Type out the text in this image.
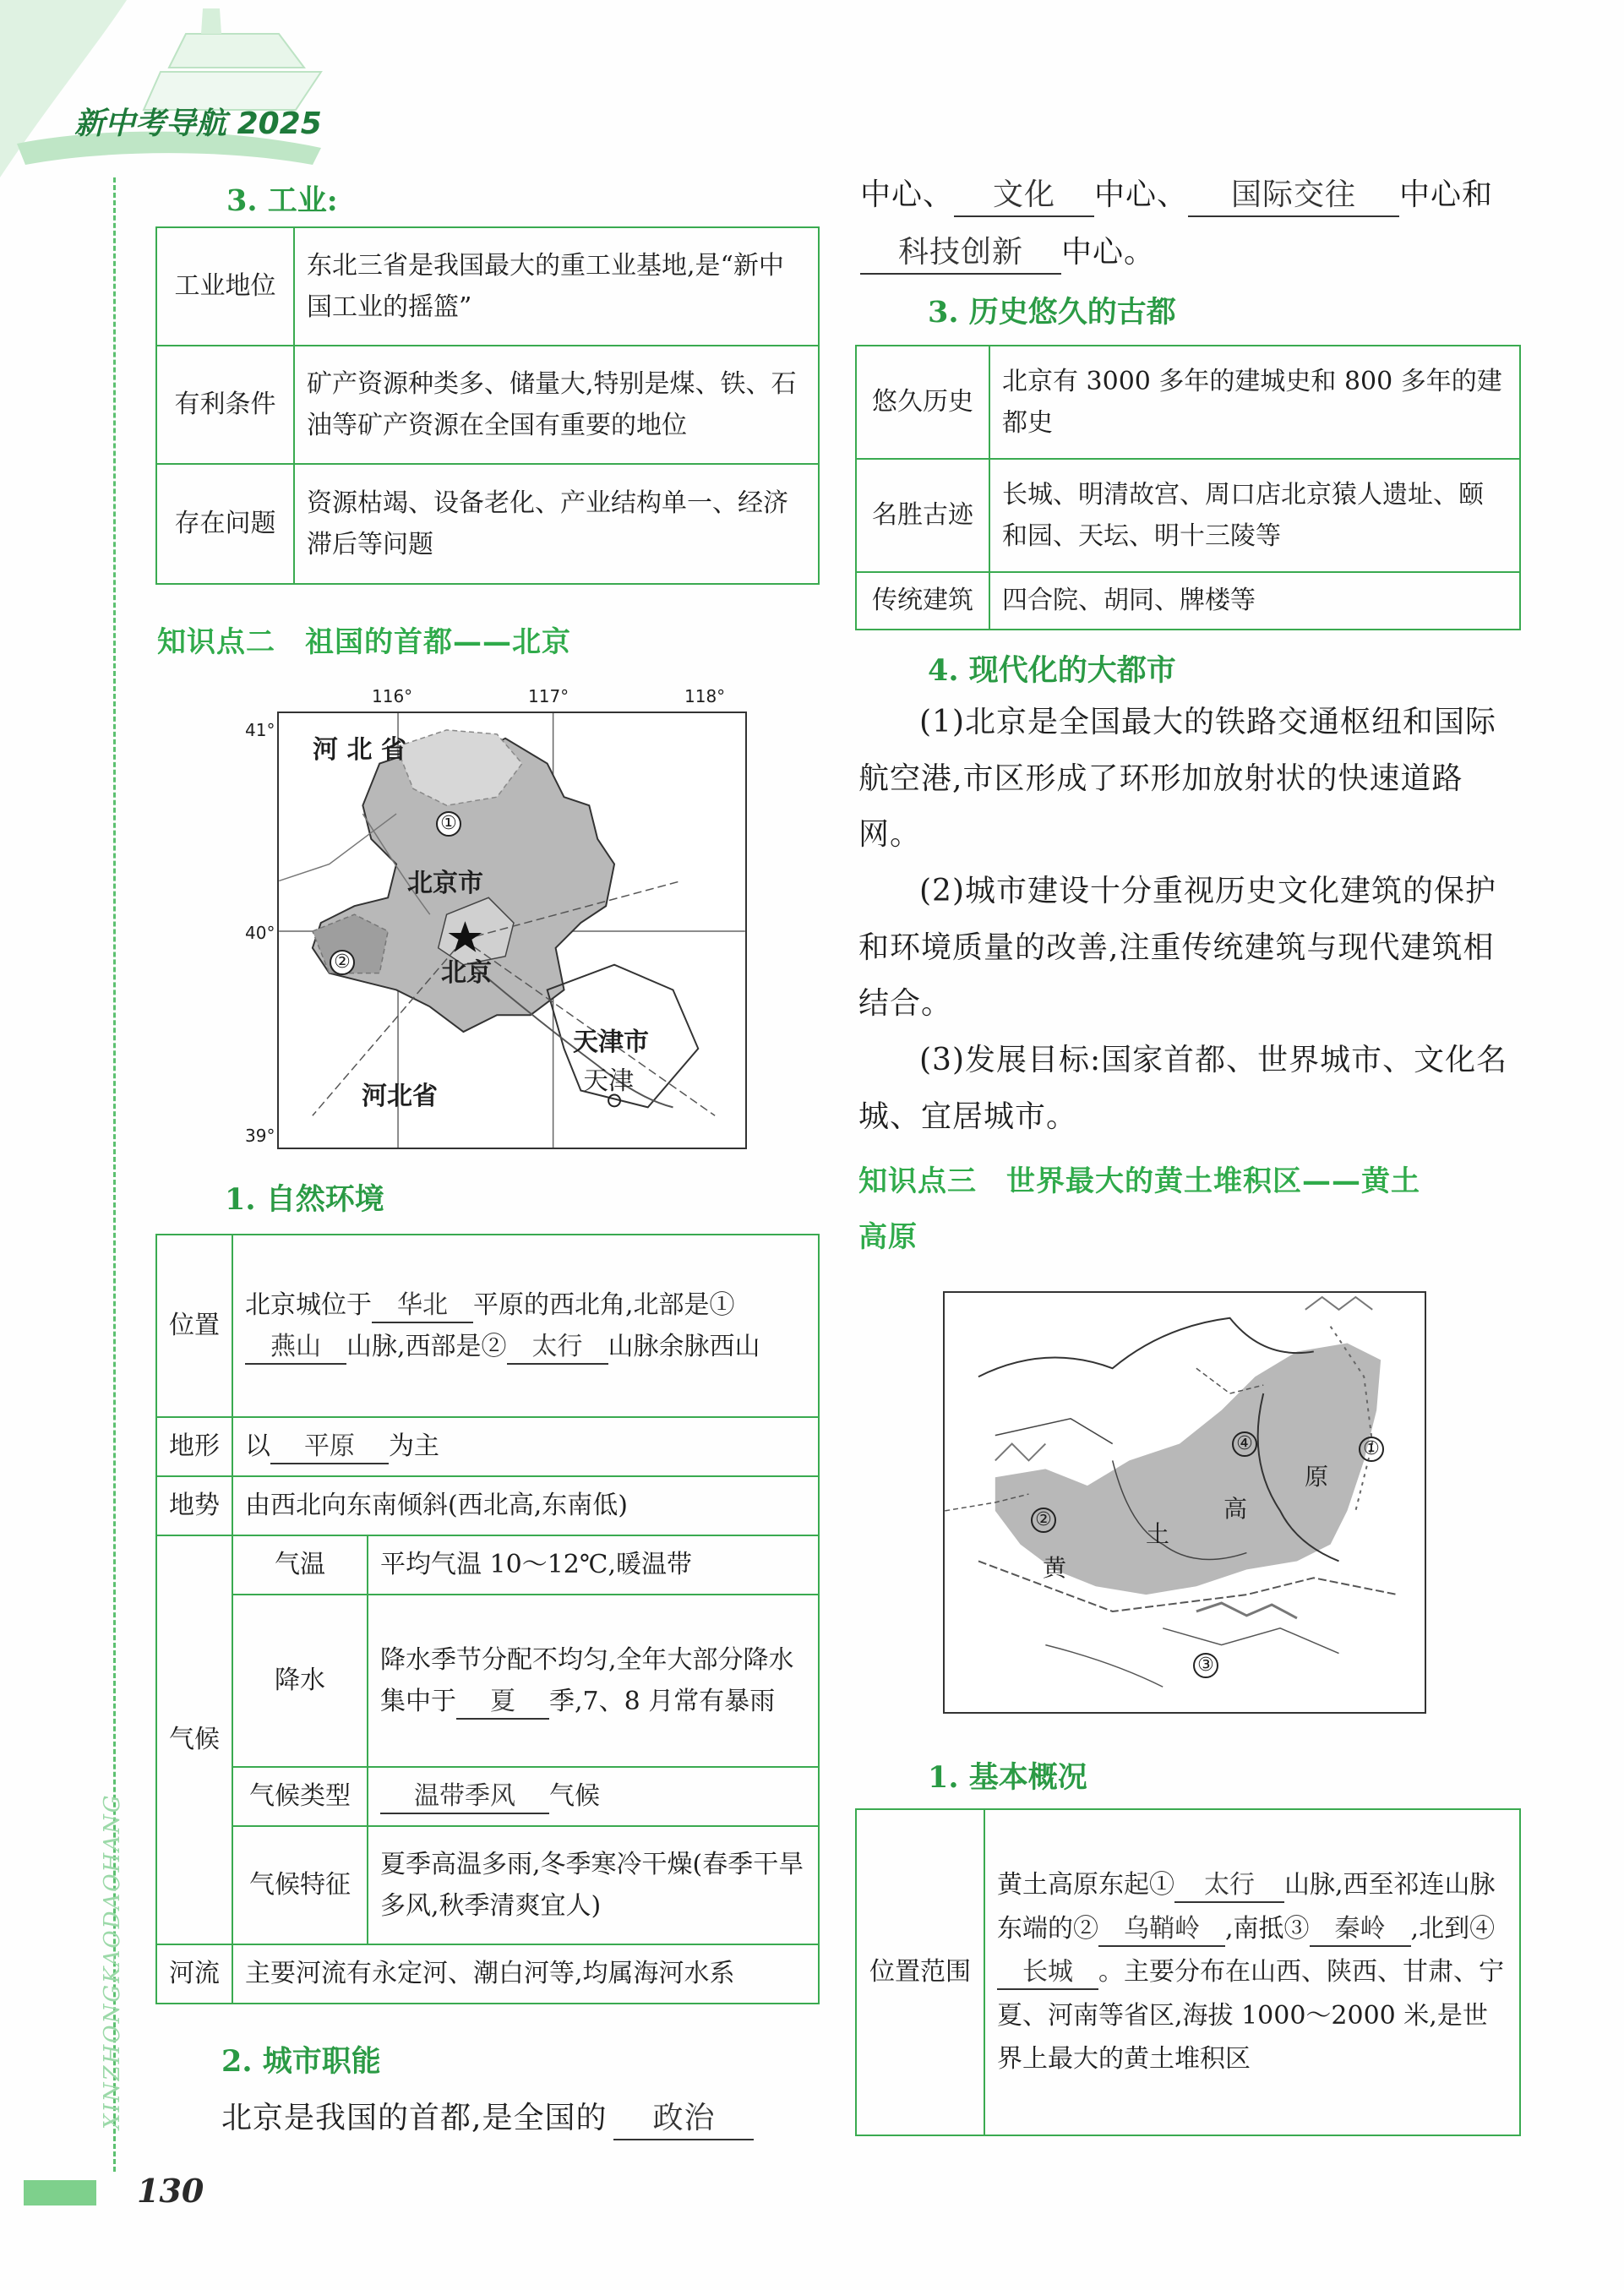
新中考导航 2025
XINZHONGKAODAOHANG
3. 工业:
工业地位	东北三省是我国最大的重工业基地,是“新中国工业的摇篮”
有利条件	矿产资源种类多、储量大,特别是煤、铁、石油等矿产资源在全国有重要的地位
存在问题	资源枯竭、设备老化、产业结构单一、经济滞后等问题
知识点二　祖国的首都——北京
116°	117°	118°
41°
40°
39°
河 北 省
①
北京市
②	北京
天津市
天津
河北省
1. 自然环境
位置	北京城位于 华北 平原的西北角,北部是①燕山 山脉,西部是② 太行 山脉余脉西山	
地形	以 平原 为主	
地势	由西北向东南倾斜(西北高,东南低)	
气候	气温	平均气温 10～12℃,暖温带
	降水	降水季节分配不均匀,全年大部分降水集中于 夏 季,7、8 月常有暴雨
	气候类型	温带季风 气候
	气候特征	夏季高温多雨,冬季寒冷干燥(春季干旱多风,秋季清爽宜人)
河流	主要河流有永定河、潮白河等,均属海河水系	
2. 城市职能
北京是我国的首都,是全国的 政治
中心、 文化 中心、 国际交往 中心和
科技创新 中心。
3. 历史悠久的古都
悠久历史	北京有 3000 多年的建城史和 800 多年的建都史
名胜古迹	长城、明清故宫、周口店北京猿人遗址、颐和园、天坛、明十三陵等
传统建筑	四合院、胡同、牌楼等
4. 现代化的大都市
(1)北京是全国最大的铁路交通枢纽和国际航空港,市区形成了环形加放射状的快速道路网。
(2)城市建设十分重视历史文化建筑的保护和环境质量的改善,注重传统建筑与现代建筑相结合。
(3)发展目标:国家首都、世界城市、文化名城、宜居城市。
知识点三　世界最大的黄土堆积区——黄土
高原
①
②
③
④
黄
土
高
原
1. 基本概况
位置范围	黄土高原东起① 太行 山脉,西至祁连山脉东端的② 乌鞘岭 ,南抵③ 秦岭 ,北到④长城 。主要分布在山西、陕西、甘肃、宁夏、河南等省区,海拔 1000～2000 米,是世界上最大的黄土堆积区
130
